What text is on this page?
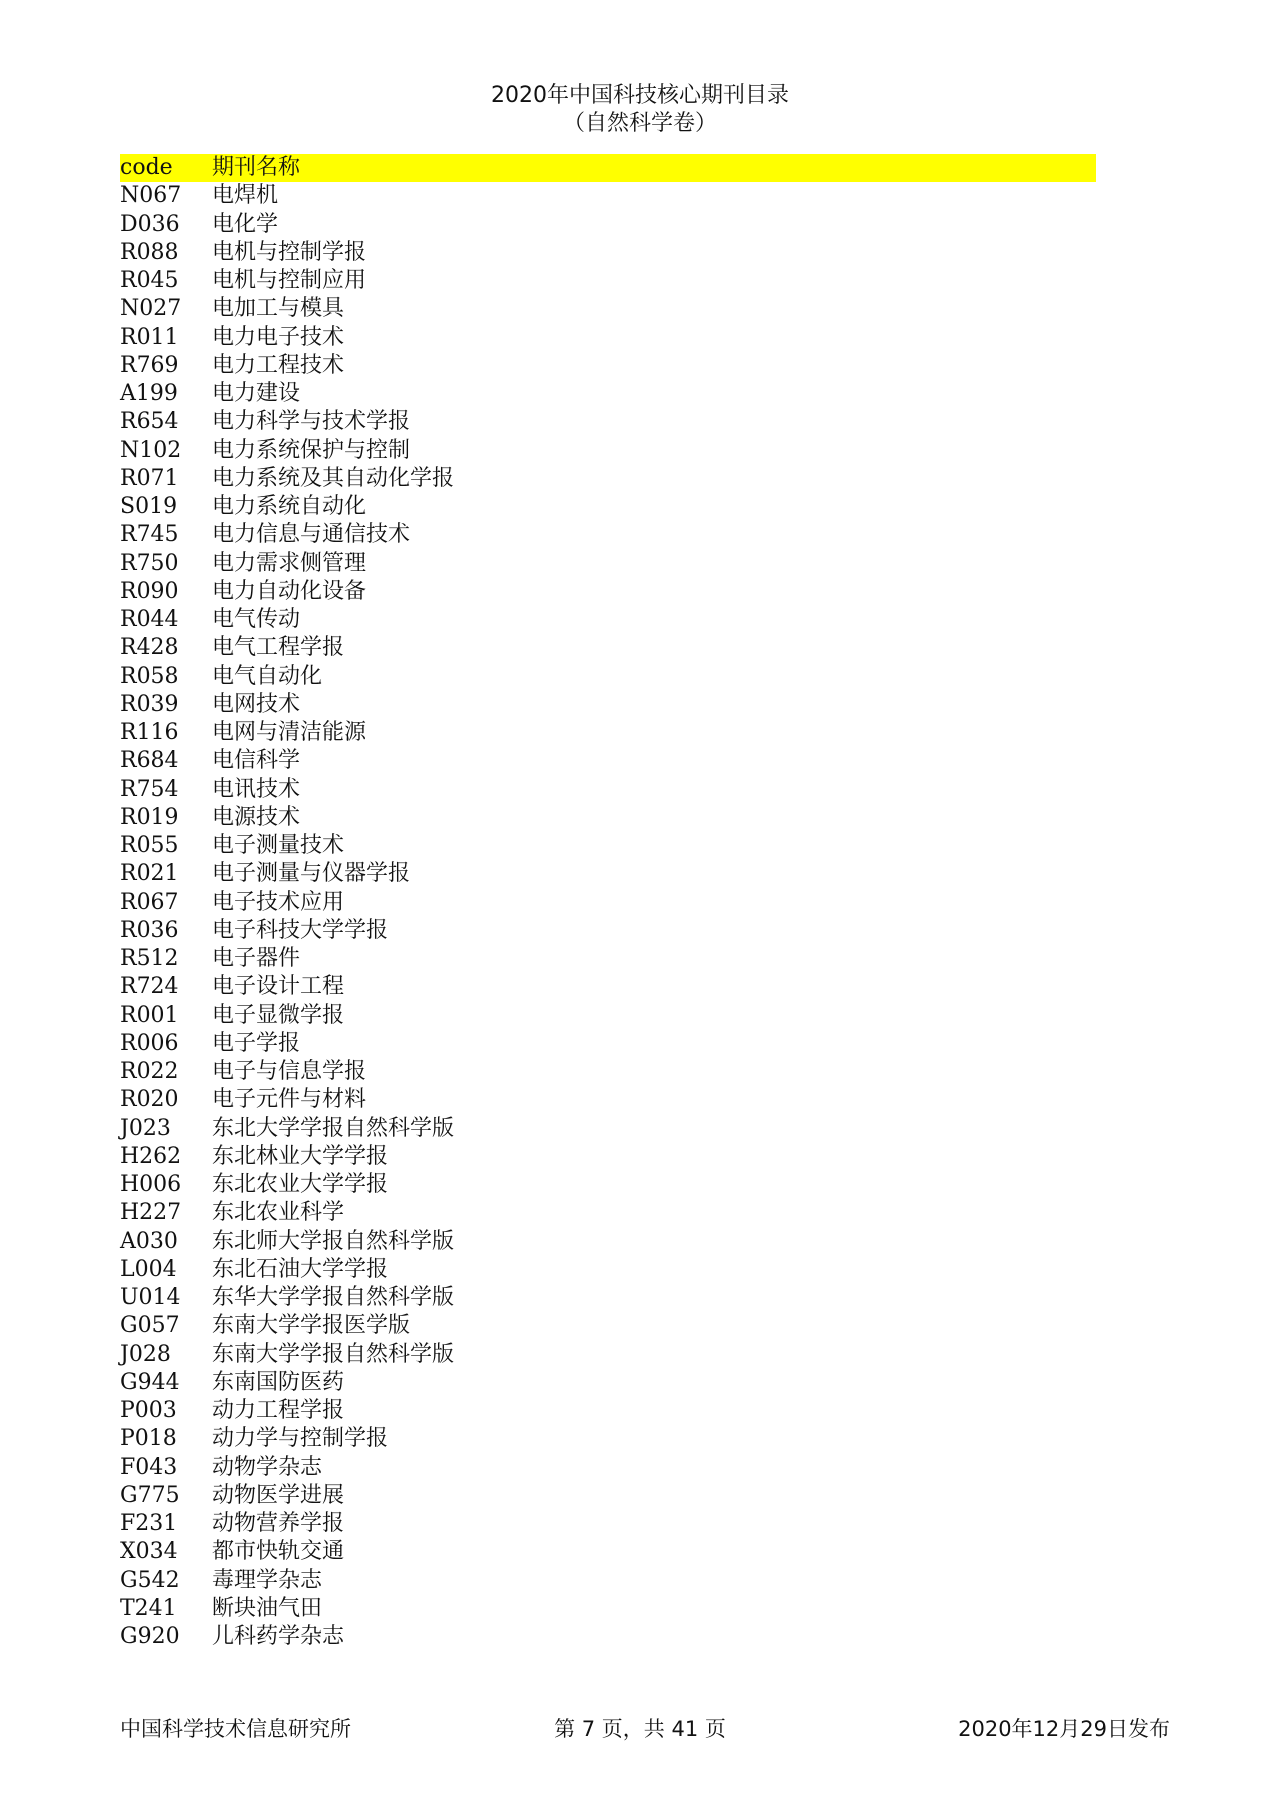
2020年中国科技核心期刊目录
（自然科学卷）
code	期刊名称
N067	电焊机
D036	电化学
R088	电机与控制学报
R045	电机与控制应用
N027	电加工与模具
R011	电力电子技术
R769	电力工程技术
A199	电力建设
R654	电力科学与技术学报
N102	电力系统保护与控制
R071	电力系统及其自动化学报
S019	电力系统自动化
R745	电力信息与通信技术
R750	电力需求侧管理
R090	电力自动化设备
R044	电气传动
R428	电气工程学报
R058	电气自动化
R039	电网技术
R116	电网与清洁能源
R684	电信科学
R754	电讯技术
R019	电源技术
R055	电子测量技术
R021	电子测量与仪器学报
R067	电子技术应用
R036	电子科技大学学报
R512	电子器件
R724	电子设计工程
R001	电子显微学报
R006	电子学报
R022	电子与信息学报
R020	电子元件与材料
J023	东北大学学报自然科学版
H262	东北林业大学学报
H006	东北农业大学学报
H227	东北农业科学
A030	东北师大学报自然科学版
L004	东北石油大学学报
U014	东华大学学报自然科学版
G057	东南大学学报医学版
J028	东南大学学报自然科学版
G944	东南国防医药
P003	动力工程学报
P018	动力学与控制学报
F043	动物学杂志
G775	动物医学进展
F231	动物营养学报
X034	都市快轨交通
G542	毒理学杂志
T241	断块油气田
G920	儿科药学杂志
中国科学技术信息研究所	第 7 页，共 41 页	2020年12月29日发布
